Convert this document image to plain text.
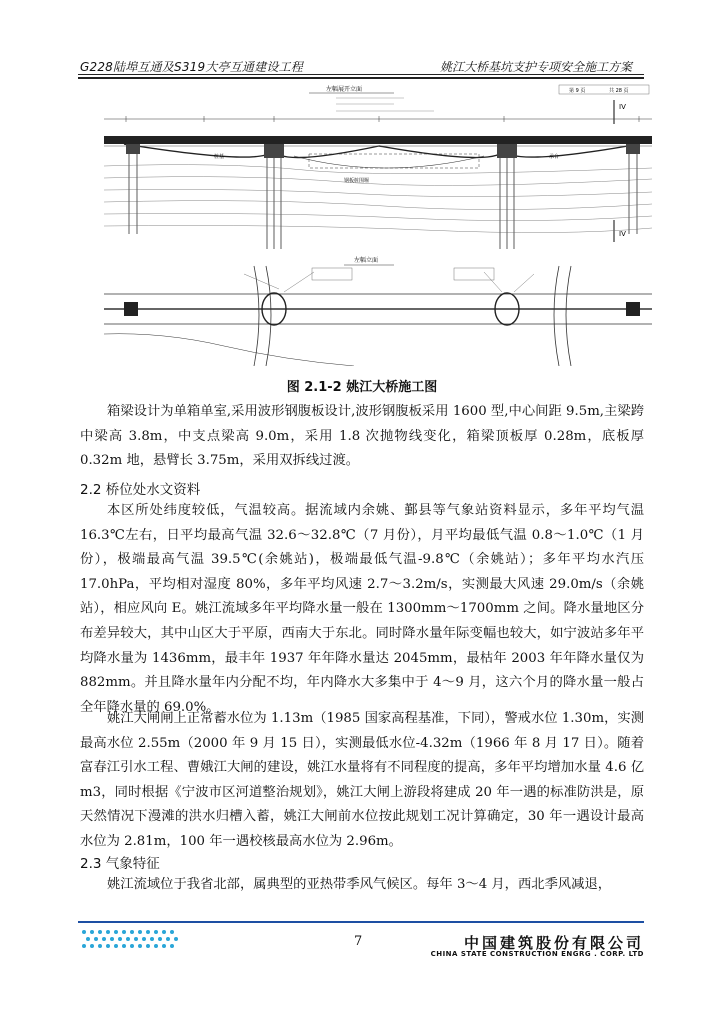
G228陆埠互通及S319大亭互通建设工程	姚江大桥基坑支护专项安全施工方案
左幅展开立面	第 9 页	共 28 页
IV
IV
桩基	承台
钢板桩围堰
左幅立面
图 2.1-2 姚江大桥施工图
箱梁设计为单箱单室,采用波形钢腹板设计,波形钢腹板采用 1600 型,中心间距 9.5m,主梁跨中梁高 3.8m，中支点梁高 9.0m，采用 1.8 次抛物线变化，箱梁顶板厚 0.28m，底板厚 0.32m 地，悬臂长 3.75m，采用双拆线过渡。
2.2 桥位处水文资料
本区所处纬度较低，气温较高。据流域内余姚、鄞县等气象站资料显示，多年平均气温 16.3℃左右，日平均最高气温 32.6～32.8℃（7 月份），月平均最低气温 0.8～1.0℃（1 月份），极端最高气温 39.5℃(余姚站)，极端最低气温-9.8℃（余姚站）；多年平均水汽压 17.0hPa，平均相对湿度 80%，多年平均风速 2.7～3.2m/s，实测最大风速 29.0m/s（余姚站），相应风向 E。姚江流域多年平均降水量一般在 1300mm～1700mm 之间。降水量地区分布差异较大，其中山区大于平原，西南大于东北。同时降水量年际变幅也较大，如宁波站多年平均降水量为 1436mm，最丰年 1937 年年降水量达 2045mm，最枯年 2003 年年降水量仅为 882mm。并且降水量年内分配不均，年内降水大多集中于 4～9 月，这六个月的降水量一般占全年降水量的 69.0%。
姚江大闸闸上正常蓄水位为 1.13m（1985 国家高程基准，下同），警戒水位 1.30m，实测最高水位 2.55m（2000 年 9 月 15 日），实测最低水位-4.32m（1966 年 8 月 17 日）。随着富春江引水工程、曹娥江大闸的建设，姚江水量将有不同程度的提高，多年平均增加水量 4.6 亿 m3，同时根据《宁波市区河道整治规划》，姚江大闸上游段将建成 20 年一遇的标准防洪是，原天然情况下漫滩的洪水归槽入蓄，姚江大闸前水位按此规划工况计算确定，30 年一遇设计最高水位为 2.81m，100 年一遇校核最高水位为 2.96m。
2.3 气象特征
姚江流域位于我省北部，属典型的亚热带季风气候区。每年 3～4 月，西北季风减退，
7	中国建筑股份有限公司
CHINA STATE CONSTRUCTION ENGRG . CORP. LTD
